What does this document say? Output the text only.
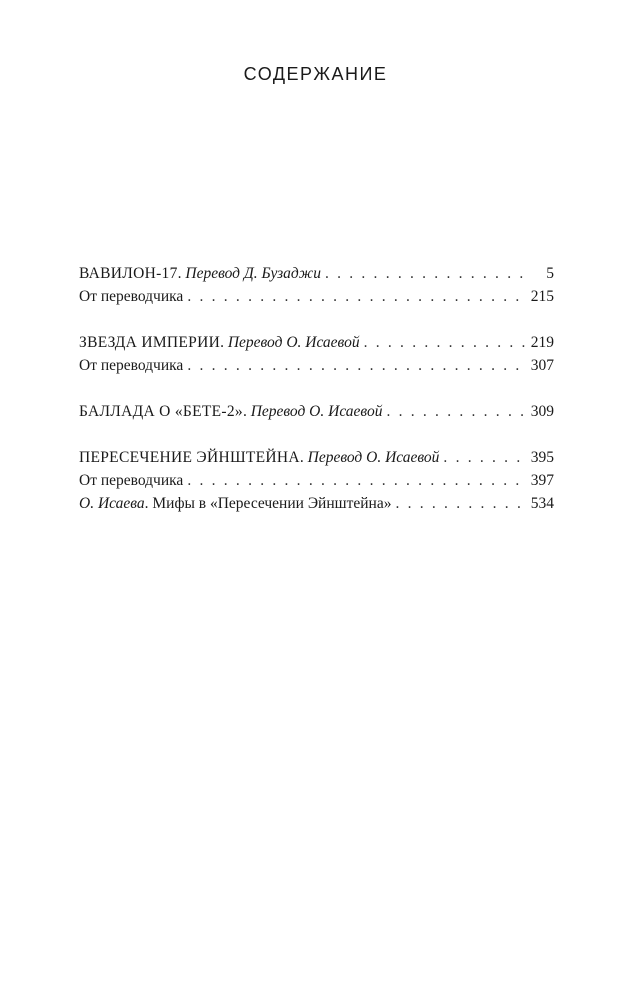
СОДЕРЖАНИЕ
ВАВИЛОН-17. Перевод Д. Бузаджи . . .	5
От переводчика . . .	215
ЗВЕЗДА ИМПЕРИИ. Перевод О. Исаевой . . .	219
От переводчика . . .	307
БАЛЛАДА О «БЕТЕ-2». Перевод О. Исаевой . . .	309
ПЕРЕСЕЧЕНИЕ ЭЙНШТЕЙНА. Перевод О. Исаевой . . .	395
От переводчика . . .	397
О. Исаева. Мифы в «Пересечении Эйнштейна» . . .	534
